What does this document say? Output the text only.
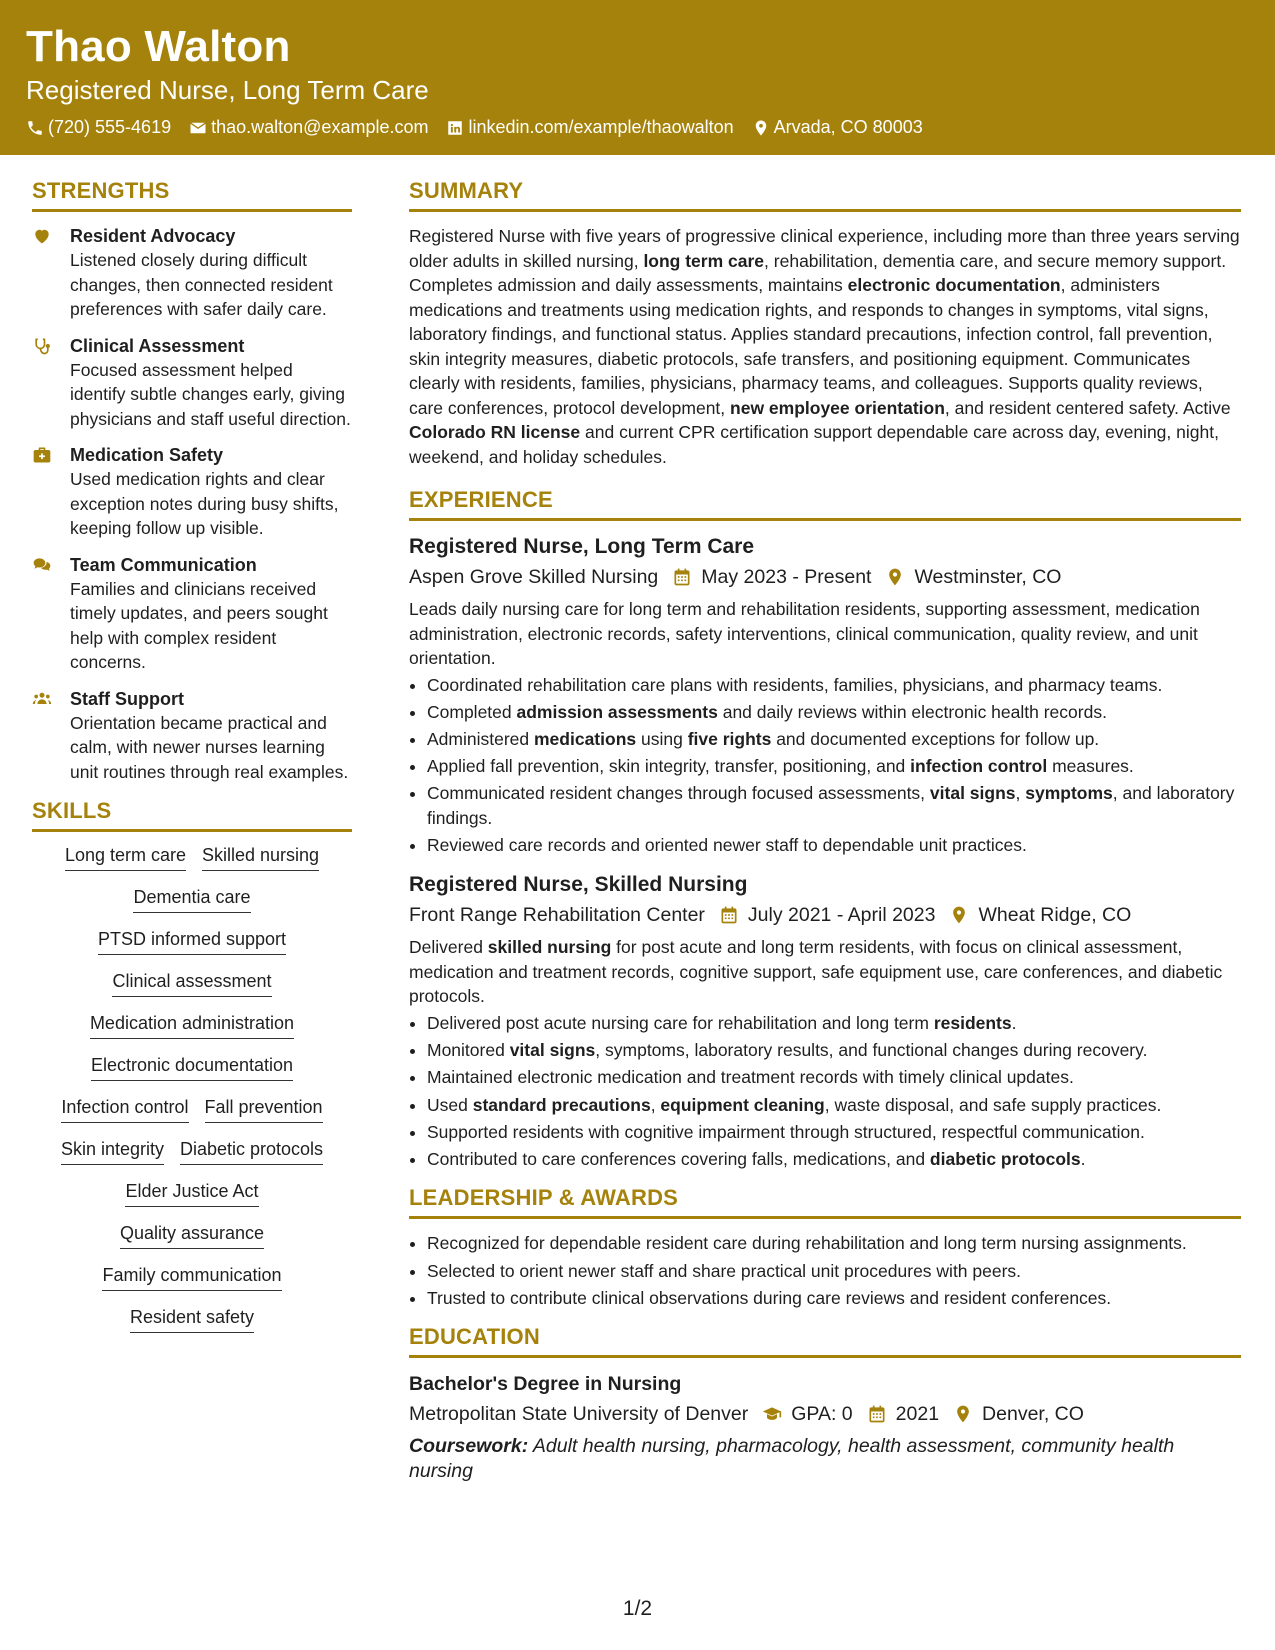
Thao Walton
Registered Nurse, Long Term Care
(720) 555-4619 thao.walton@example.com linkedin.com/example/thaowalton Arvada, CO 80003
STRENGTHS
Resident Advocacy
Listened closely during difficult changes, then connected resident preferences with safer daily care.
Clinical Assessment
Focused assessment helped identify subtle changes early, giving physicians and staff useful direction.
Medication Safety
Used medication rights and clear exception notes during busy shifts, keeping follow up visible.
Team Communication
Families and clinicians received timely updates, and peers sought help with complex resident concerns.
Staff Support
Orientation became practical and calm, with newer nurses learning unit routines through real examples.
SKILLS
Long term care Skilled nursing
Dementia care
PTSD informed support
Clinical assessment
Medication administration
Electronic documentation
Infection control Fall prevention
Skin integrity Diabetic protocols
Elder Justice Act
Quality assurance
Family communication
Resident safety
SUMMARY
Registered Nurse with five years of progressive clinical experience, including more than three years serving older adults in skilled nursing, long term care, rehabilitation, dementia care, and secure memory support. Completes admission and daily assessments, maintains electronic documentation, administers medications and treatments using medication rights, and responds to changes in symptoms, vital signs, laboratory findings, and functional status. Applies standard precautions, infection control, fall prevention, skin integrity measures, diabetic protocols, safe transfers, and positioning equipment. Communicates clearly with residents, families, physicians, pharmacy teams, and colleagues. Supports quality reviews, care conferences, protocol development, new employee orientation, and resident centered safety. Active Colorado RN license and current CPR certification support dependable care across day, evening, night, weekend, and holiday schedules.
EXPERIENCE
Registered Nurse, Long Term Care
Aspen Grove Skilled Nursing May 2023 - Present Westminster, CO
Leads daily nursing care for long term and rehabilitation residents, supporting assessment, medication administration, electronic records, safety interventions, clinical communication, quality review, and unit orientation.
• Coordinated rehabilitation care plans with residents, families, physicians, and pharmacy teams.
• Completed admission assessments and daily reviews within electronic health records.
• Administered medications using five rights and documented exceptions for follow up.
• Applied fall prevention, skin integrity, transfer, positioning, and infection control measures.
• Communicated resident changes through focused assessments, vital signs, symptoms, and laboratory findings.
• Reviewed care records and oriented newer staff to dependable unit practices.
Registered Nurse, Skilled Nursing
Front Range Rehabilitation Center July 2021 - April 2023 Wheat Ridge, CO
Delivered skilled nursing for post acute and long term residents, with focus on clinical assessment, medication and treatment records, cognitive support, safe equipment use, care conferences, and diabetic protocols.
• Delivered post acute nursing care for rehabilitation and long term residents.
• Monitored vital signs, symptoms, laboratory results, and functional changes during recovery.
• Maintained electronic medication and treatment records with timely clinical updates.
• Used standard precautions, equipment cleaning, waste disposal, and safe supply practices.
• Supported residents with cognitive impairment through structured, respectful communication.
• Contributed to care conferences covering falls, medications, and diabetic protocols.
LEADERSHIP & AWARDS
• Recognized for dependable resident care during rehabilitation and long term nursing assignments.
• Selected to orient newer staff and share practical unit procedures with peers.
• Trusted to contribute clinical observations during care reviews and resident conferences.
EDUCATION
Bachelor's Degree in Nursing
Metropolitan State University of Denver GPA: 0 2021 Denver, CO
Coursework: Adult health nursing, pharmacology, health assessment, community health nursing
1/2
